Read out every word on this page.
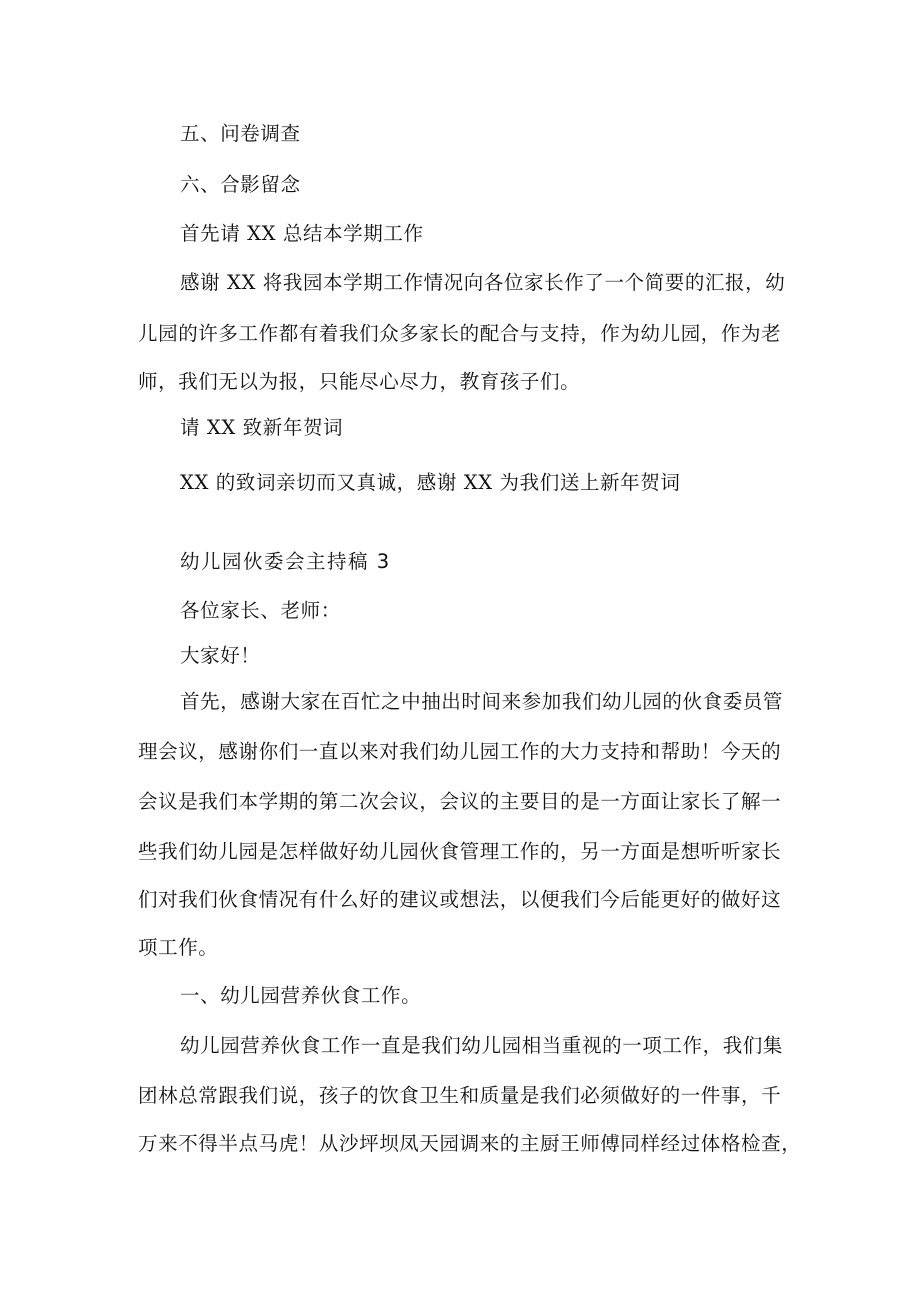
五、问卷调查
六、合影留念
首先请 XX 总结本学期工作
感谢 XX 将我园本学期工作情况向各位家长作了一个简要的汇报，幼
儿园的许多工作都有着我们众多家长的配合与支持，作为幼儿园，作为老
师，我们无以为报，只能尽心尽力，教育孩子们。
请 XX 致新年贺词
XX 的致词亲切而又真诚，感谢 XX 为我们送上新年贺词
幼儿园伙委会主持稿 3
各位家长、老师：
大家好！
首先，感谢大家在百忙之中抽出时间来参加我们幼儿园的伙食委员管
理会议，感谢你们一直以来对我们幼儿园工作的大力支持和帮助！今天的
会议是我们本学期的第二次会议，会议的主要目的是一方面让家长了解一
些我们幼儿园是怎样做好幼儿园伙食管理工作的，另一方面是想听听家长
们对我们伙食情况有什么好的建议或想法，以便我们今后能更好的做好这
项工作。
一、幼儿园营养伙食工作。
幼儿园营养伙食工作一直是我们幼儿园相当重视的一项工作，我们集
团林总常跟我们说，孩子的饮食卫生和质量是我们必须做好的一件事，千
万来不得半点马虎！从沙坪坝凤天园调来的主厨王师傅同样经过体格检查，
